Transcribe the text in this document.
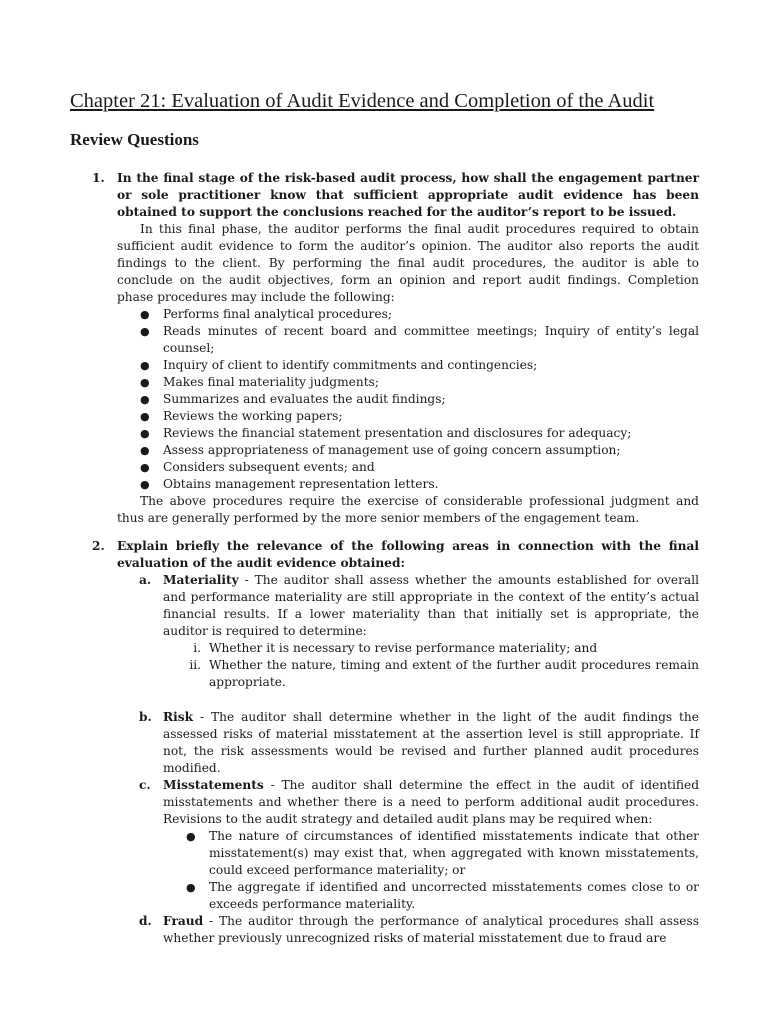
Chapter 21: Evaluation of Audit Evidence and Completion of the Audit
Review Questions
1. In the final stage of the risk-based audit process, how shall the engagement partner or sole practitioner know that sufficient appropriate audit evidence has been obtained to support the conclusions reached for the auditor’s report to be issued.
In this final phase, the auditor performs the final audit procedures required to obtain sufficient audit evidence to form the auditor’s opinion. The auditor also reports the audit findings to the client. By performing the final audit procedures, the auditor is able to conclude on the audit objectives, form an opinion and report audit findings. Completion phase procedures may include the following:
● Performs final analytical procedures;
● Reads minutes of recent board and committee meetings; Inquiry of entity’s legal counsel;
● Inquiry of client to identify commitments and contingencies;
● Makes final materiality judgments;
● Summarizes and evaluates the audit findings;
● Reviews the working papers;
● Reviews the financial statement presentation and disclosures for adequacy;
● Assess appropriateness of management use of going concern assumption;
● Considers subsequent events; and
● Obtains management representation letters.
The above procedures require the exercise of considerable professional judgment and thus are generally performed by the more senior members of the engagement team.
2. Explain briefly the relevance of the following areas in connection with the final evaluation of the audit evidence obtained:
a. Materiality - The auditor shall assess whether the amounts established for overall and performance materiality are still appropriate in the context of the entity’s actual financial results. If a lower materiality than that initially set is appropriate, the auditor is required to determine:
i. Whether it is necessary to revise performance materiality; and
ii. Whether the nature, timing and extent of the further audit procedures remain appropriate.
b. Risk - The auditor shall determine whether in the light of the audit findings the assessed risks of material misstatement at the assertion level is still appropriate. If not, the risk assessments would be revised and further planned audit procedures modified.
c. Misstatements - The auditor shall determine the effect in the audit of identified misstatements and whether there is a need to perform additional audit procedures. Revisions to the audit strategy and detailed audit plans may be required when:
● The nature of circumstances of identified misstatements indicate that other misstatement(s) may exist that, when aggregated with known misstatements, could exceed performance materiality; or
● The aggregate if identified and uncorrected misstatements comes close to or exceeds performance materiality.
d. Fraud - The auditor through the performance of analytical procedures shall assess whether previously unrecognized risks of material misstatement due to fraud are
